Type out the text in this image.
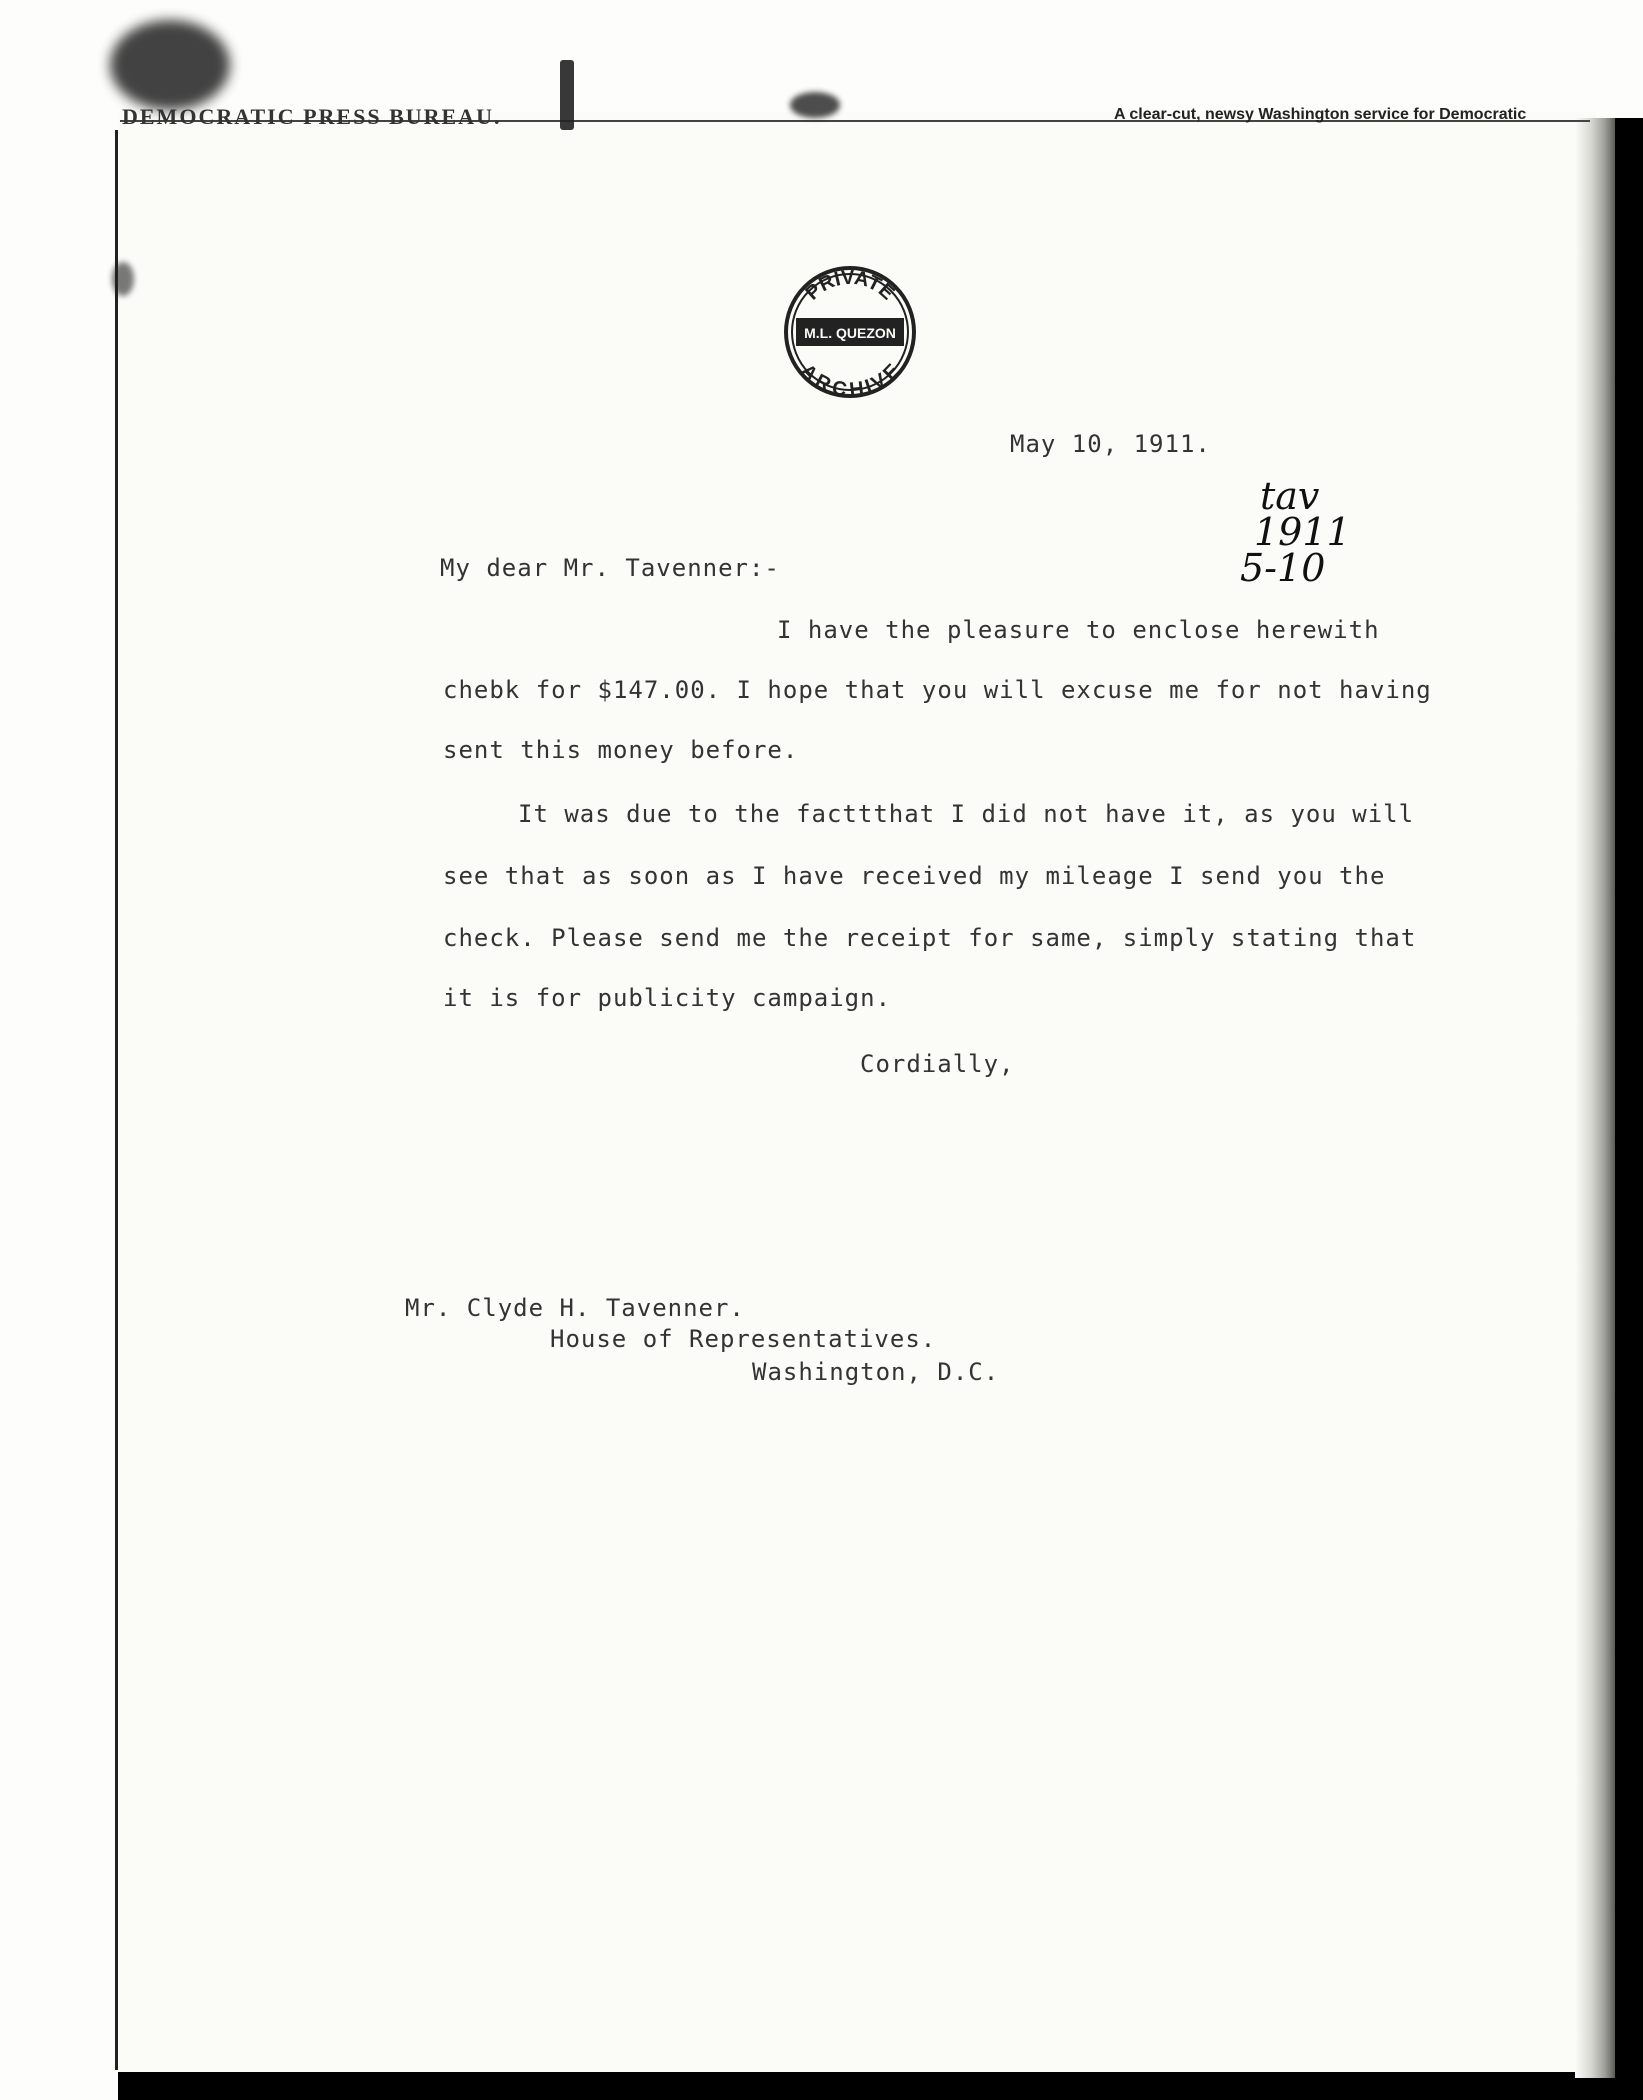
DEMOCRATIC PRESS BUREAU.	A clear-cut, newsy Washington service for Democratic
PRIVATE
M.L. QUEZON
ARCHIVE
May 10, 1911.
tav
1911
5-10
My dear Mr. Tavenner:-
I have the pleasure to enclose herewith
chebk for $147.00. I hope that you will excuse me for not having
sent this money before.
It was due to the facttthat I did not have it, as you will
see that as soon as I have received my mileage I send you the
check. Please send me the receipt for same, simply stating that
it is for publicity campaign.
Cordially,
Mr. Clyde H. Tavenner.
House of Representatives.
Washington, D.C.
